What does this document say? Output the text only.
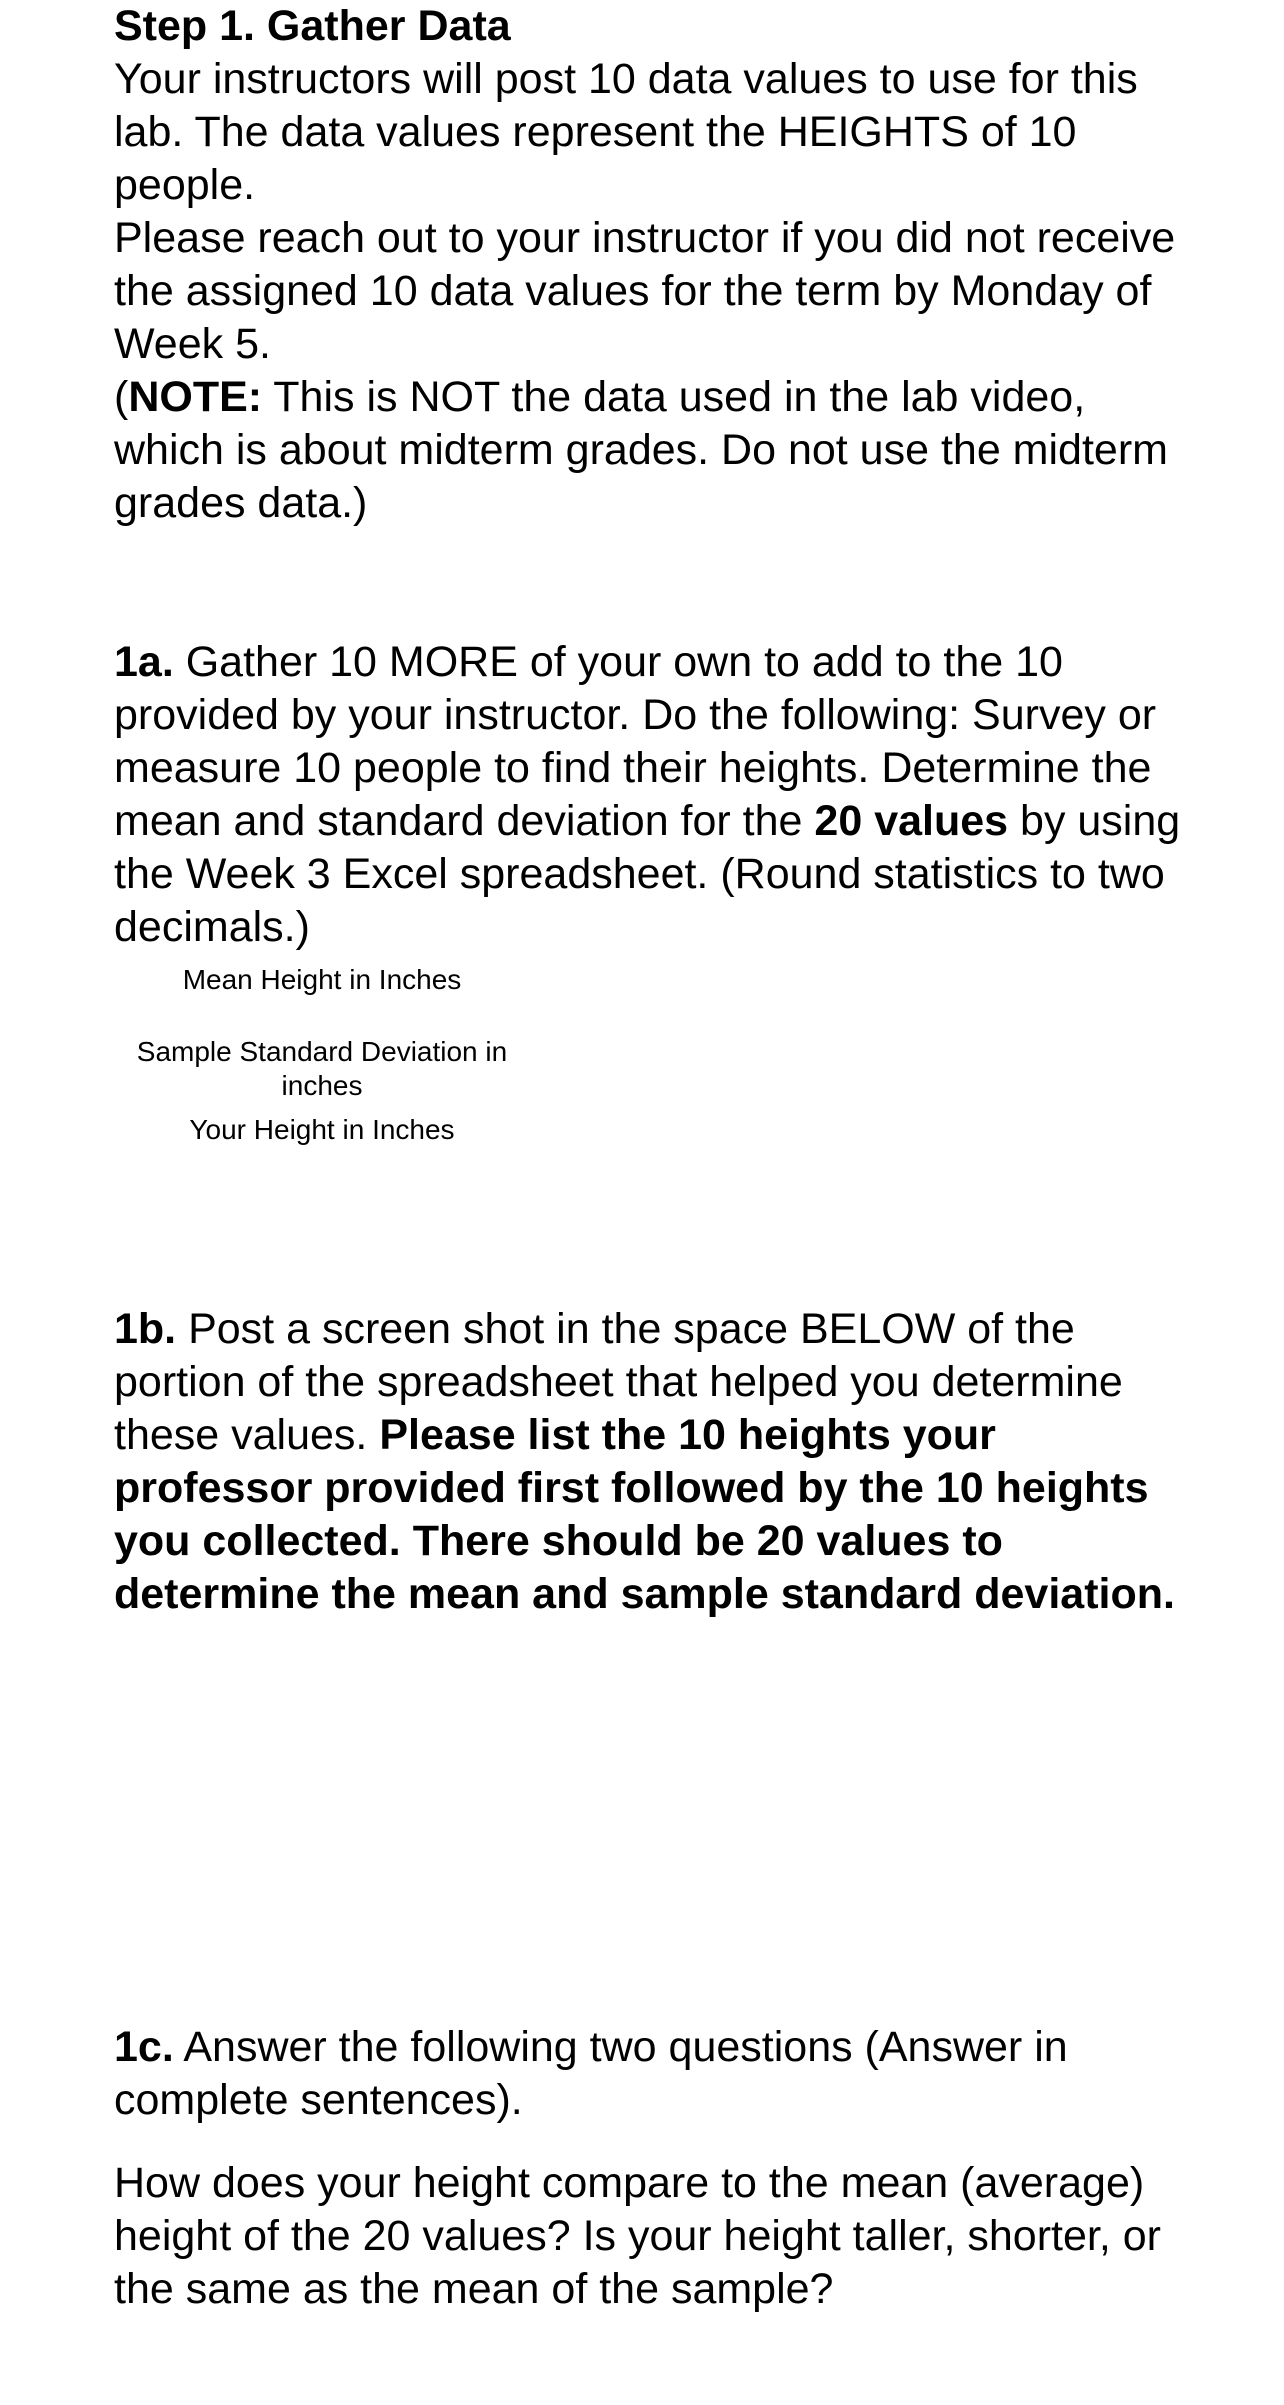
Step 1. Gather Data

Your instructors will post 10 data values to use for this lab. The data values represent the HEIGHTS of 10 people.

Please reach out to your instructor if you did not receive the assigned 10 data values for the term by Monday of Week 5.

(NOTE: This is NOT the data used in the lab video, which is about midterm grades. Do not use the midterm grades data.)

1a. Gather 10 MORE of your own to add to the 10 provided by your instructor. Do the following: Survey or measure 10 people to find their heights. Determine the mean and standard deviation for the 20 values by using the Week 3 Excel spreadsheet. (Round statistics to two decimals.)

Mean Height in Inches

Sample Standard Deviation in inches

Your Height in Inches

1b. Post a screen shot in the space BELOW of the portion of the spreadsheet that helped you determine these values. Please list the 10 heights your professor provided first followed by the 10 heights you collected. There should be 20 values to determine the mean and sample standard deviation.

1c. Answer the following two questions (Answer in complete sentences).

How does your height compare to the mean (average) height of the 20 values? Is your height taller, shorter, or the same as the mean of the sample?
